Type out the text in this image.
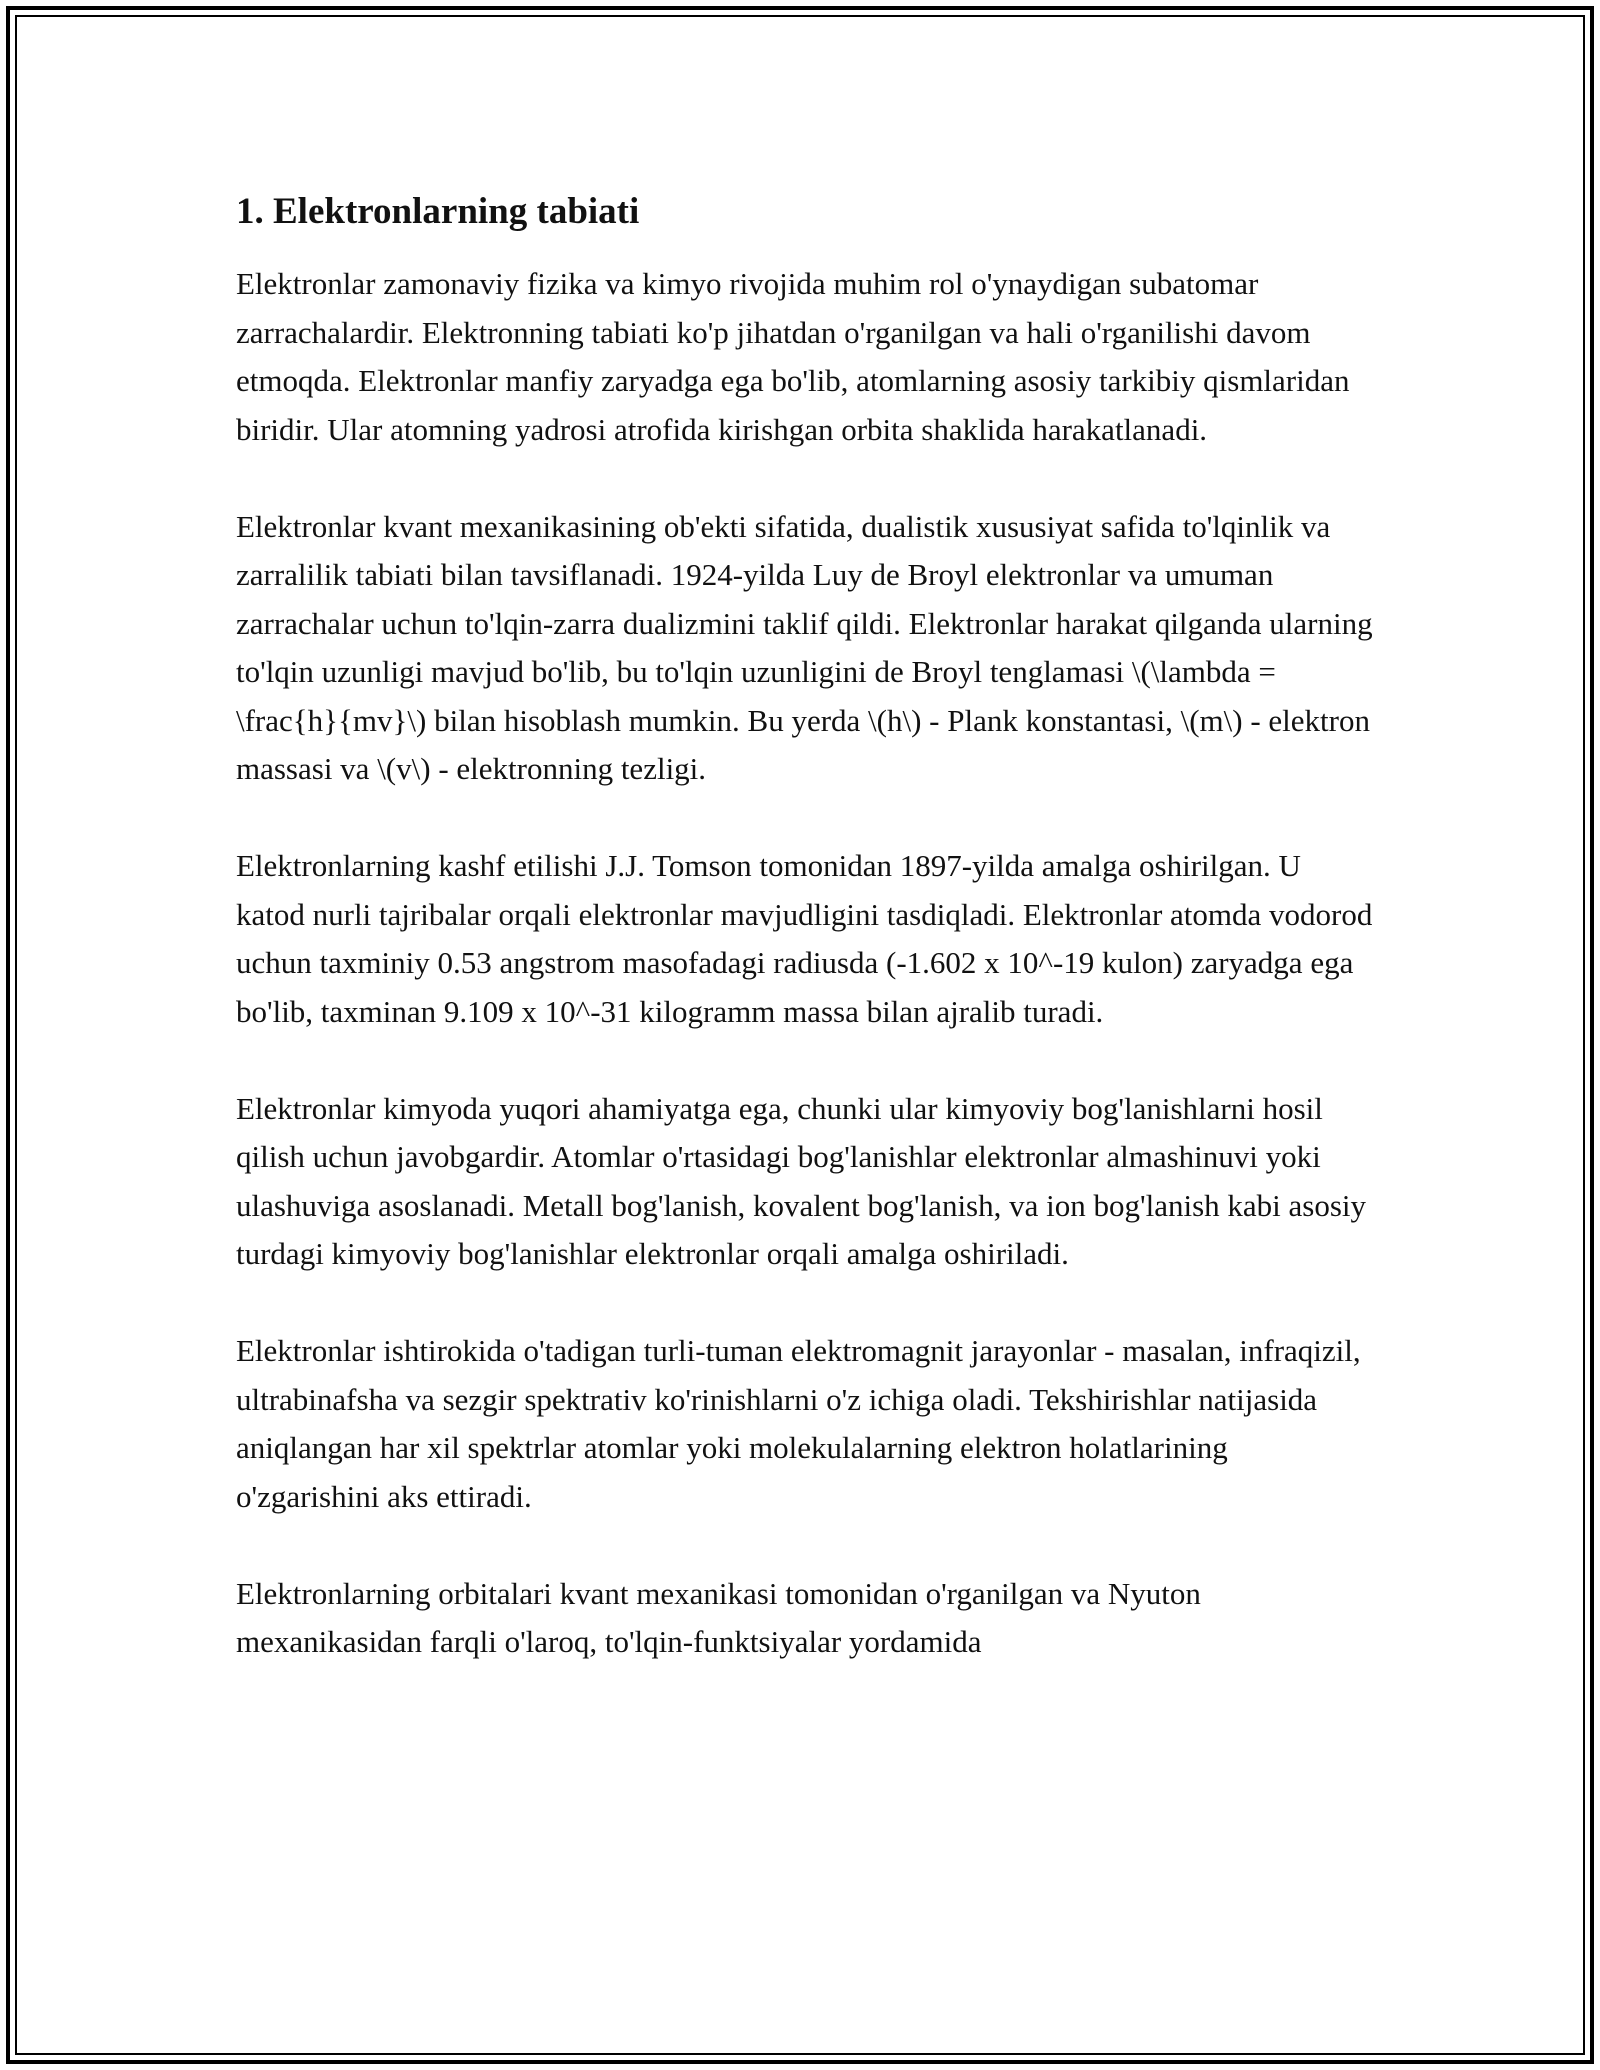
1. Elektronlarning tabiati

Elektronlar zamonaviy fizika va kimyo rivojida muhim rol o'ynaydigan subatomar zarrachalardir. Elektronning tabiati ko'p jihatdan o'rganilgan va hali o'rganilishi davom etmoqda. Elektronlar manfiy zaryadga ega bo'lib, atomlarning asosiy tarkibiy qismlaridan biridir. Ular atomning yadrosi atrofida kirishgan orbita shaklida harakatlanadi.

Elektronlar kvant mexanikasining ob'ekti sifatida, dualistik xususiyat safida to'lqinlik va zarralilik tabiati bilan tavsiflanadi. 1924-yilda Luy de Broyl elektronlar va umuman zarrachalar uchun to'lqin-zarra dualizmini taklif qildi. Elektronlar harakat qilganda ularning to'lqin uzunligi mavjud bo'lib, bu to'lqin uzunligini de Broyl tenglamasi \(\lambda = \frac{h}{mv}\) bilan hisoblash mumkin. Bu yerda \(h\) - Plank konstantasi, \(m\) - elektron massasi va \(v\) - elektronning tezligi.

Elektronlarning kashf etilishi J.J. Tomson tomonidan 1897-yilda amalga oshirilgan. U katod nurli tajribalar orqali elektronlar mavjudligini tasdiqladi. Elektronlar atomda vodorod uchun taxminiy 0.53 angstrom masofadagi radiusda (-1.602 x 10^-19 kulon) zaryadga ega bo'lib, taxminan 9.109 x 10^-31 kilogramm massa bilan ajralib turadi.

Elektronlar kimyoda yuqori ahamiyatga ega, chunki ular kimyoviy bog'lanishlarni hosil qilish uchun javobgardir. Atomlar o'rtasidagi bog'lanishlar elektronlar almashinuvi yoki ulashuviga asoslanadi. Metall bog'lanish, kovalent bog'lanish, va ion bog'lanish kabi asosiy turdagi kimyoviy bog'lanishlar elektronlar orqali amalga oshiriladi.

Elektronlar ishtirokida o'tadigan turli-tuman elektromagnit jarayonlar - masalan, infraqizil, ultrabinafsha va sezgir spektrativ ko'rinishlarni o'z ichiga oladi. Tekshirishlar natijasida aniqlangan har xil spektrlar atomlar yoki molekulalarning elektron holatlarining o'zgarishini aks ettiradi.

Elektronlarning orbitalari kvant mexanikasi tomonidan o'rganilgan va Nyuton mexanikasidan farqli o'laroq, to'lqin-funktsiyalar yordamida
